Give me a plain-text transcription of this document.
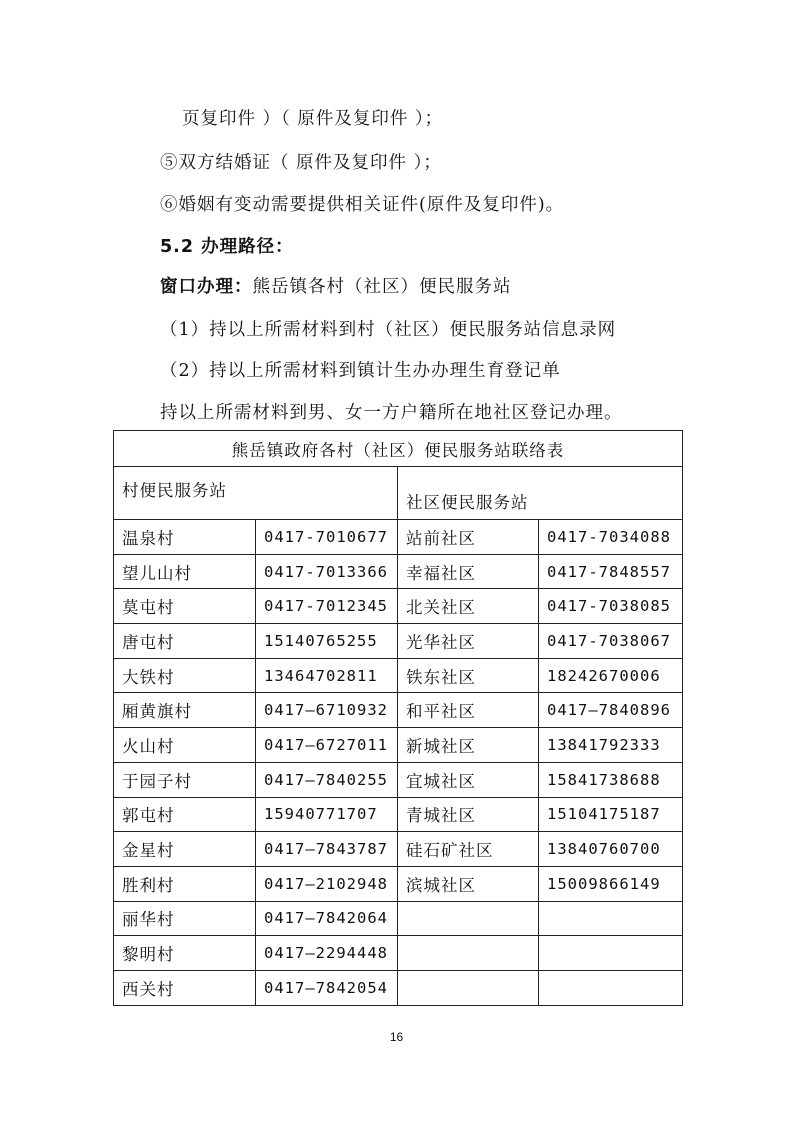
页复印件 ）（ 原件及复印件 ）；
⑤双方结婚证（ 原件及复印件 ）；
⑥婚姻有变动需要提供相关证件(原件及复印件)。
5.2 办理路径：
窗口办理：熊岳镇各村（社区）便民服务站
（1）持以上所需材料到村（社区）便民服务站信息录网
（2）持以上所需材料到镇计生办办理生育登记单
持以上所需材料到男、女一方户籍所在地社区登记办理。
熊岳镇政府各村（社区）便民服务站联络表			
村便民服务站		社区便民服务站	
温泉村	0417-7010677	站前社区	0417-7034088
望儿山村	0417-7013366	幸福社区	0417-7848557
莫屯村	0417-7012345	北关社区	0417-7038085
唐屯村	15140765255	光华社区	0417-7038067
大铁村	13464702811	铁东社区	18242670006
厢黄旗村	0417—6710932	和平社区	0417—7840896
火山村	0417—6727011	新城社区	13841792333
于园子村	0417—7840255	宜城社区	15841738688
郭屯村	15940771707	青城社区	15104175187
金星村	0417—7843787	硅石矿社区	13840760700
胜利村	0417—2102948	滨城社区	15009866149
丽华村	0417—7842064		
黎明村	0417—2294448		
西关村	0417—7842054		
16
